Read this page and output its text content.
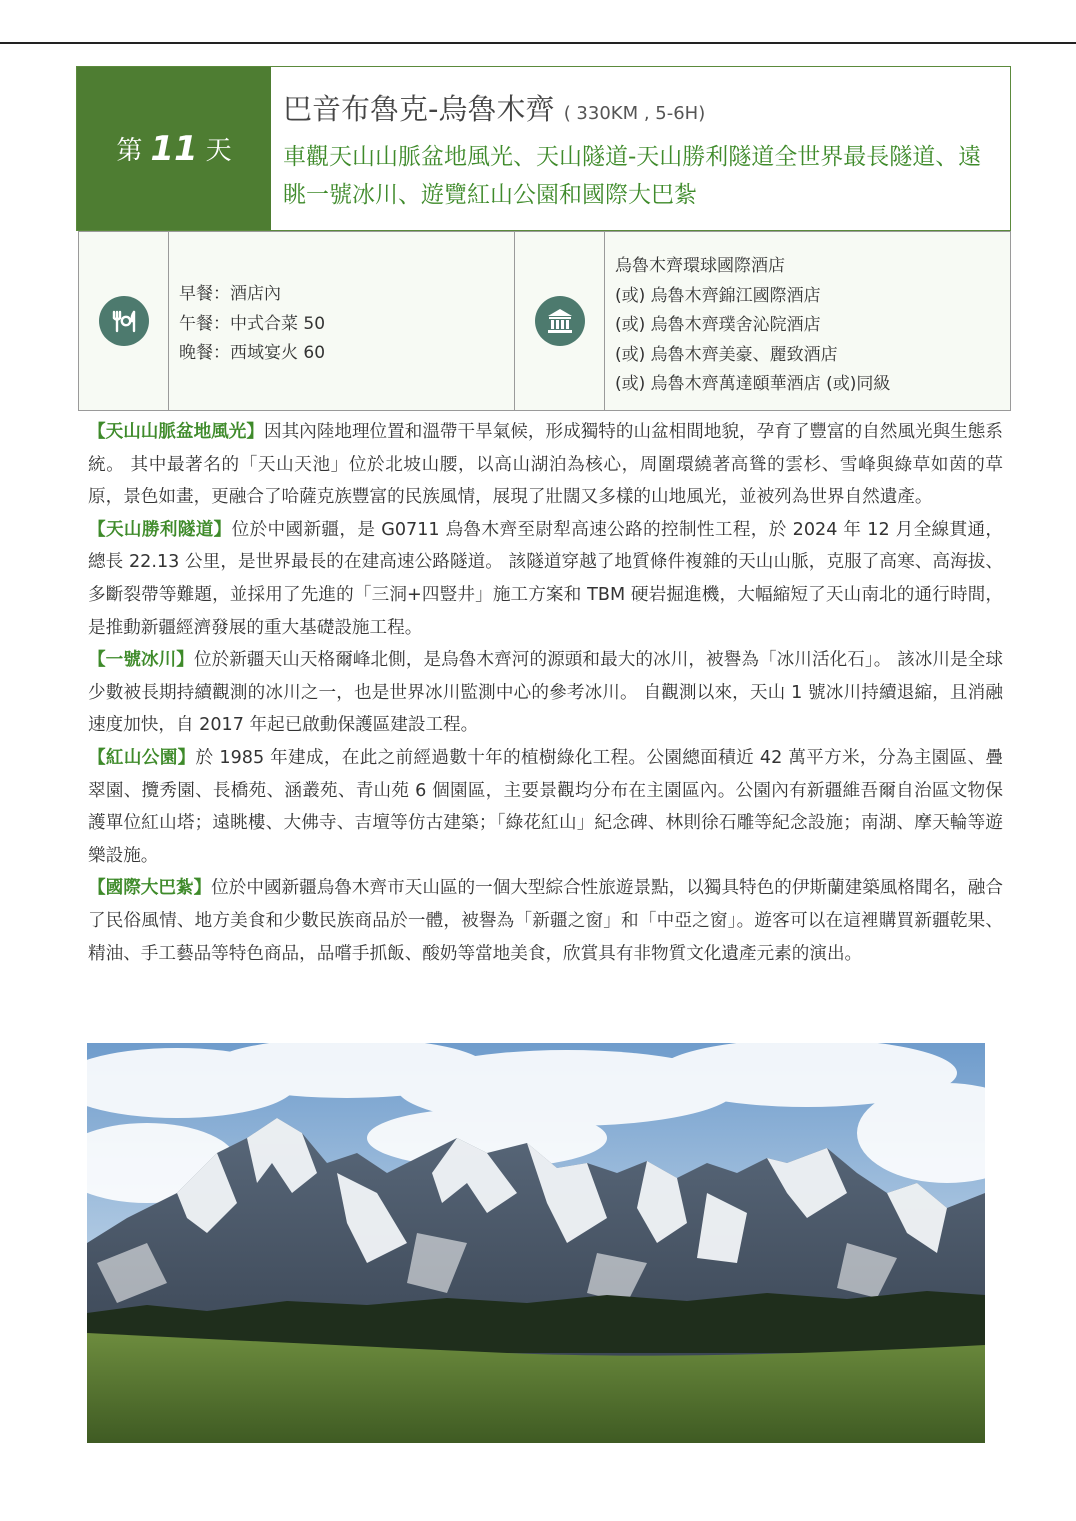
第 11 天
巴音布魯克-烏魯木齊 ( 330KM , 5-6H)
車觀天山山脈盆地風光、天山隧道-天山勝利隧道全世界最長隧道、遠眺一號冰川、遊覽紅山公園和國際大巴紮
早餐：酒店內
午餐：中式合菜 50
晚餐：西域宴火 60
烏魯木齊環球國際酒店
(或) 烏魯木齊錦江國際酒店
(或) 烏魯木齊璞舍沁院酒店
(或) 烏魯木齊美豪、麗致酒店
(或) 烏魯木齊萬達頤華酒店 (或)同級

【天山山脈盆地風光】因其內陸地理位置和溫帶干旱氣候，形成獨特的山盆相間地貌，孕育了豐富的自然風光與生態系統。 其中最著名的「天山天池」位於北坡山腰，以高山湖泊為核心，周圍環繞著高聳的雲杉、雪峰與綠草如茵的草原，景色如畫，更融合了哈薩克族豐富的民族風情，展現了壯闊又多樣的山地風光，並被列為世界自然遺產。

【天山勝利隧道】位於中國新疆，是 G0711 烏魯木齊至尉犁高速公路的控制性工程，於 2024 年 12 月全線貫通，總長 22.13 公里，是世界最長的在建高速公路隧道。 該隧道穿越了地質條件複雜的天山山脈，克服了高寒、高海拔、多斷裂帶等難題，並採用了先進的「三洞+四豎井」施工方案和 TBM 硬岩掘進機，大幅縮短了天山南北的通行時間，是推動新疆經濟發展的重大基礎設施工程。

【一號冰川】位於新疆天山天格爾峰北側，是烏魯木齊河的源頭和最大的冰川，被譽為「冰川活化石」。 該冰川是全球少數被長期持續觀測的冰川之一，也是世界冰川監測中心的參考冰川。 自觀測以來，天山 1 號冰川持續退縮，且消融速度加快，自 2017 年起已啟動保護區建設工程。

【紅山公園】於 1985 年建成，在此之前經過數十年的植樹綠化工程。公園總面積近 42 萬平方米，分為主園區、疊翠園、攬秀園、長橋苑、涵叢苑、青山苑 6 個園區，主要景觀均分布在主園區內。公園內有新疆維吾爾自治區文物保護單位紅山塔；遠眺樓、大佛寺、吉壇等仿古建築；「綠花紅山」紀念碑、林則徐石雕等紀念設施；南湖、摩天輪等遊樂設施。

【國際大巴紮】位於中國新疆烏魯木齊市天山區的一個大型綜合性旅遊景點，以獨具特色的伊斯蘭建築風格聞名，融合了民俗風情、地方美食和少數民族商品於一體，被譽為「新疆之窗」和「中亞之窗」。遊客可以在這裡購買新疆乾果、精油、手工藝品等特色商品，品嚐手抓飯、酸奶等當地美食，欣賞具有非物質文化遺產元素的演出。
